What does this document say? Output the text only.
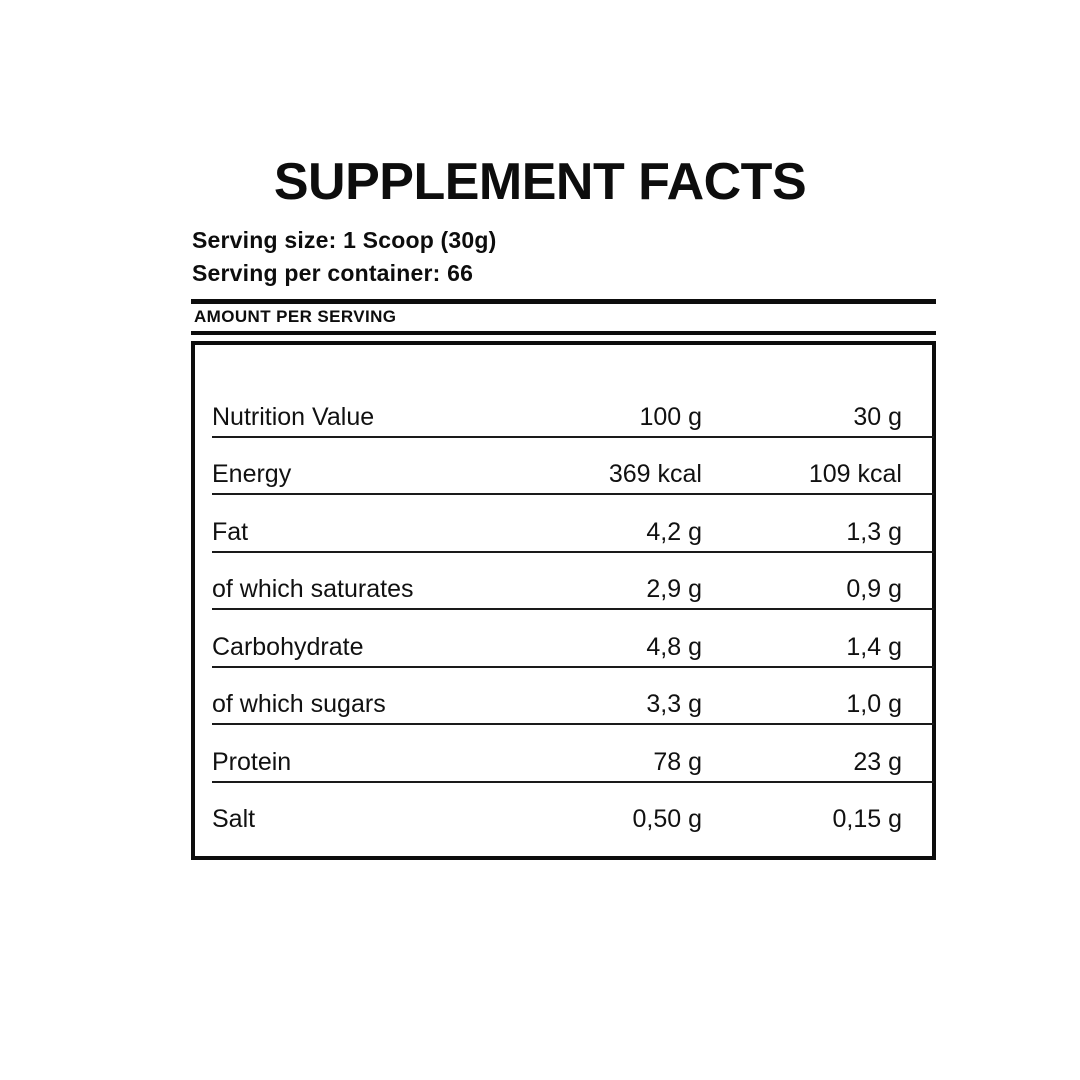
SUPPLEMENT FACTS
Serving size: 1 Scoop (30g)
Serving per container: 66
AMOUNT PER SERVING
Nutrition Value	100 g	30 g
Energy	369 kcal	109 kcal
Fat	4,2 g	1,3 g
of which saturates	2,9 g	0,9 g
Carbohydrate	4,8 g	1,4 g
of which sugars	3,3 g	1,0 g
Protein	78 g	23 g
Salt	0,50 g	0,15 g
